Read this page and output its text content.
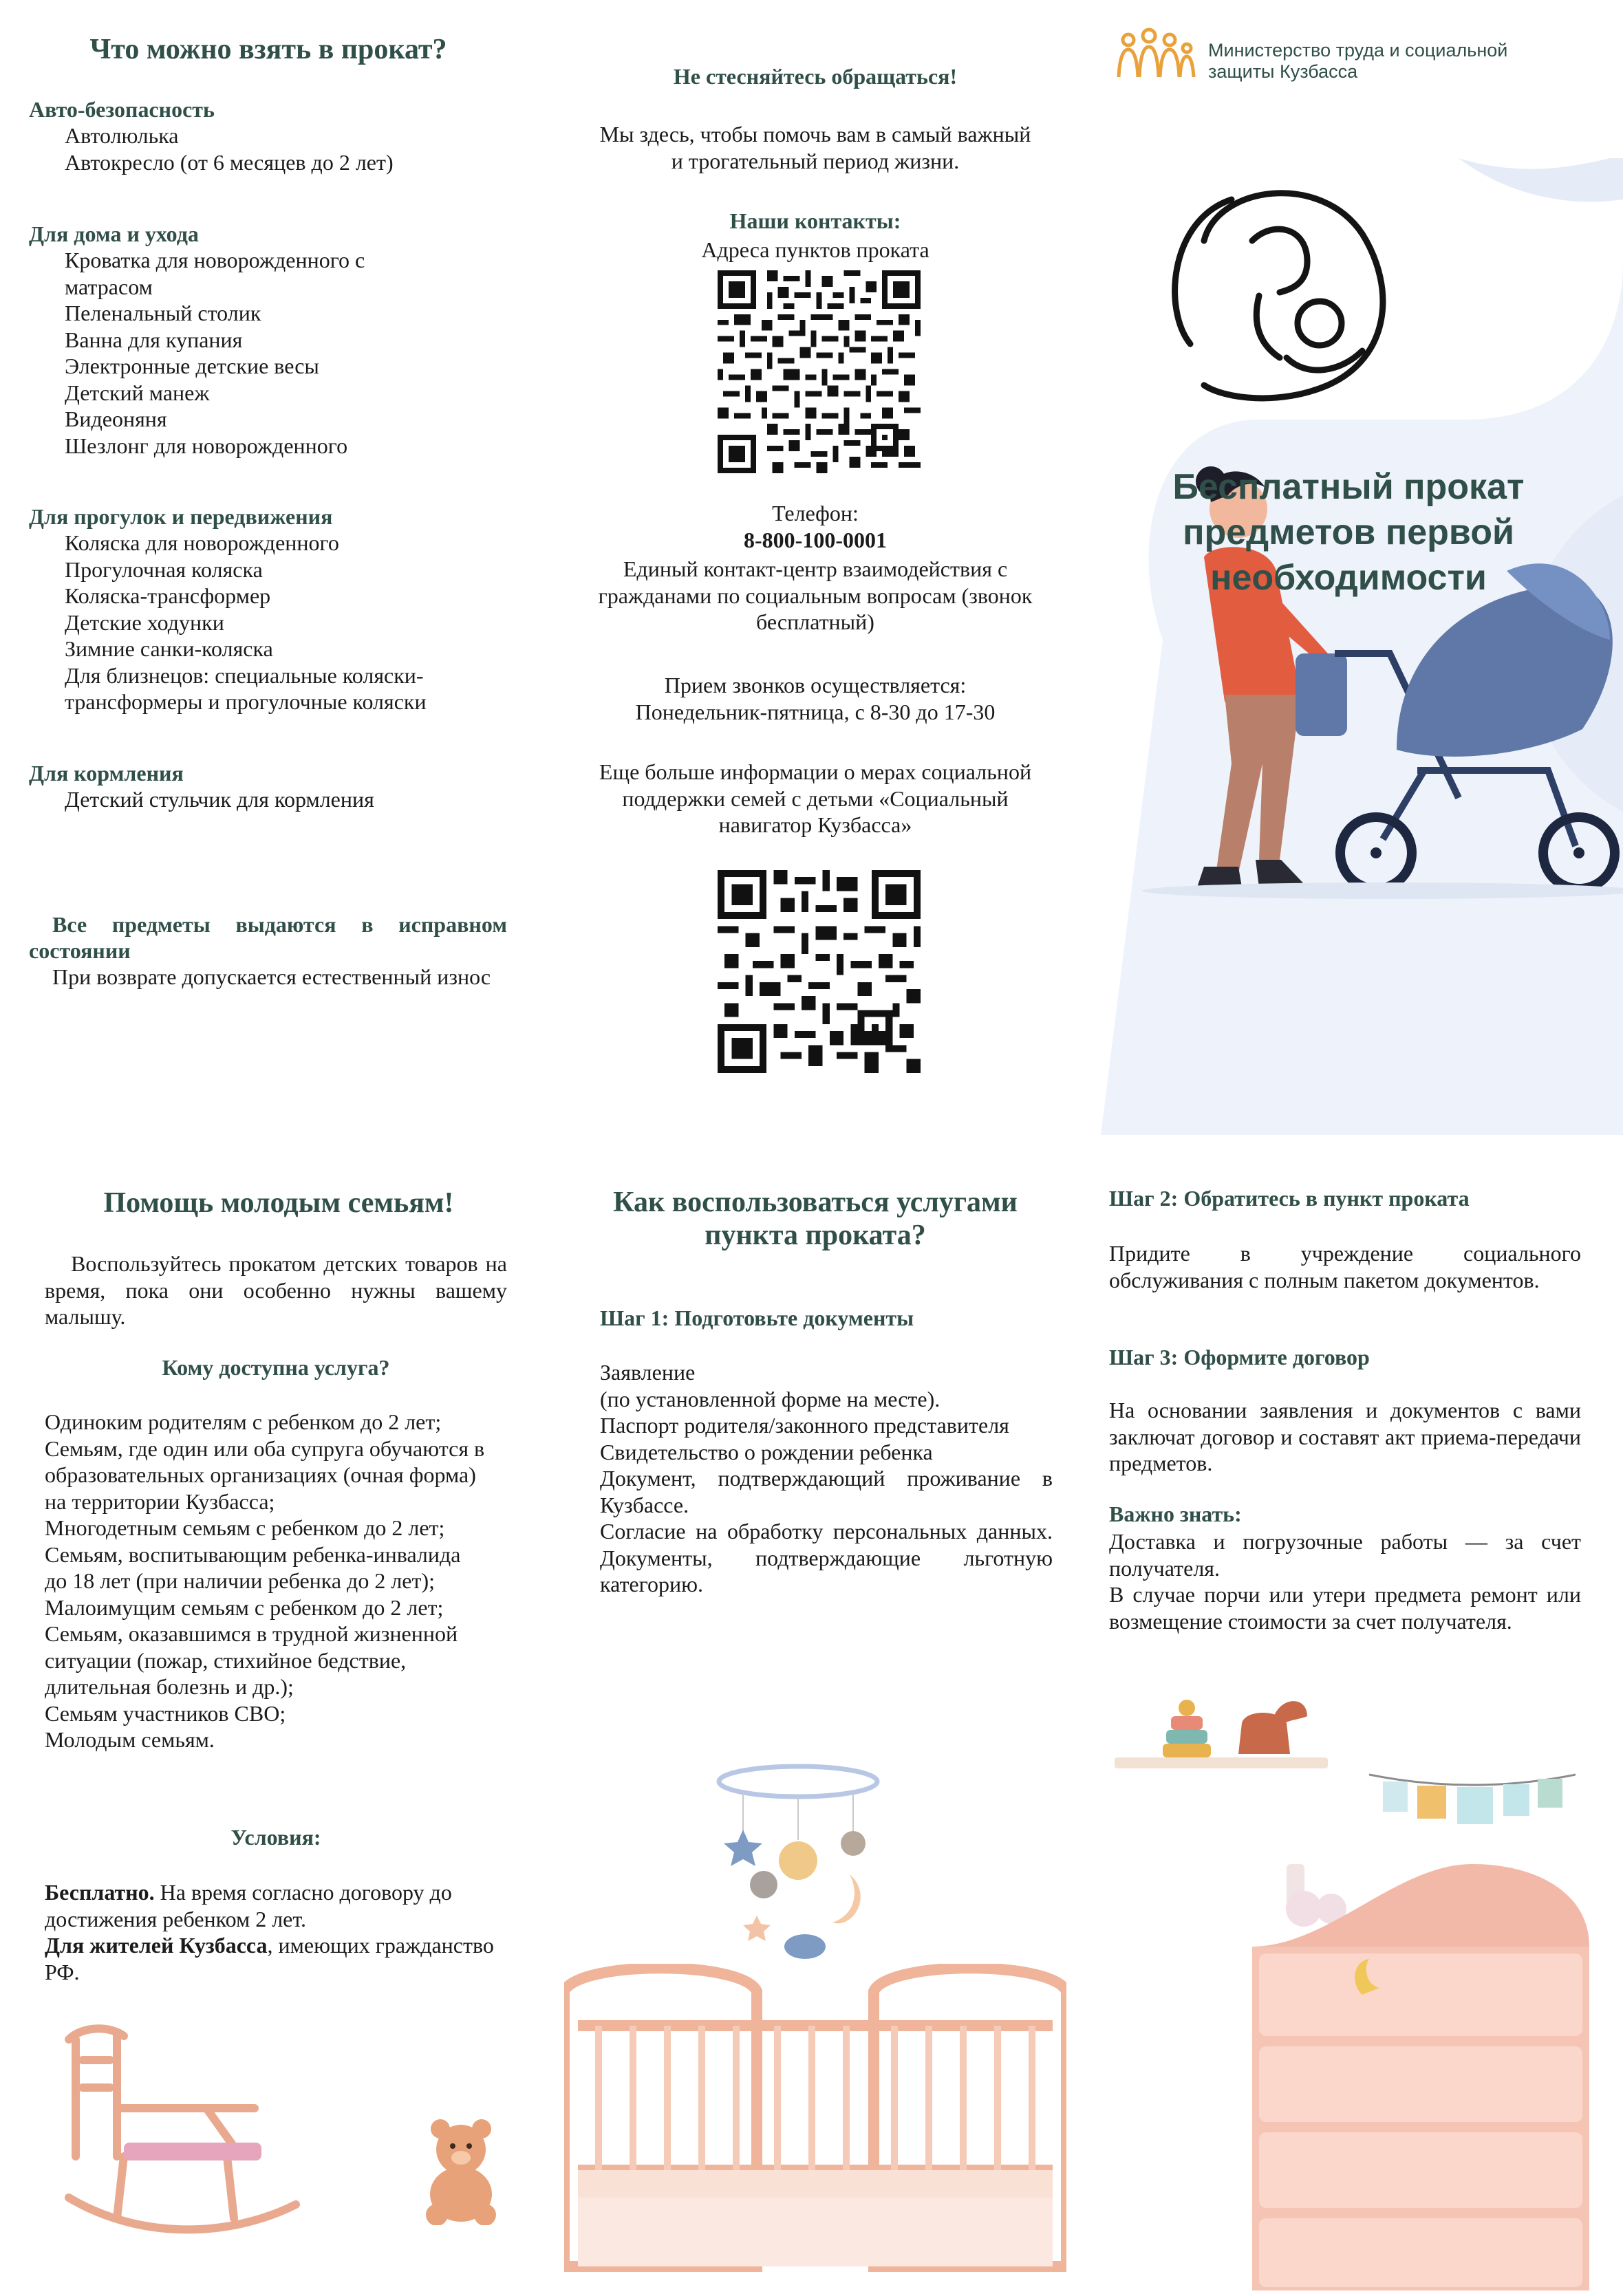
Что можно взять в прокат?
Авто-безопасность
Автолюлька
Автокресло (от 6 месяцев до 2 лет)
Для дома и ухода
Кроватка для новорожденного с
матрасом
Пеленальный столик
Ванна для купания
Электронные детские весы
Детский манеж
Видеоняня
Шезлонг для новорожденного
Для прогулок и передвижения
Коляска для новорожденного
Прогулочная коляска
Коляска-трансформер
Детские ходунки
Зимние санки-коляска
Для близнецов: специальные коляски-
трансформеры и прогулочные коляски
Для кормления
Детский стульчик для кормления
Все предметы выдаются в исправном состоянии
При возврате допускается естественный износ
Не стесняйтесь обращаться!
Мы здесь, чтобы помочь вам в самый важный и трогательный период жизни.
Наши контакты:
Адреса пунктов проката
Телефон:
8-800-100-0001
Единый контакт-центр взаимодействия с гражданами по социальным вопросам (звонок бесплатный)
Прием звонков осуществляется: Понедельник-пятница, с 8-30 до 17-30
Еще больше информации о мерах социальной поддержки семей с детьми «Социальный навигатор Кузбасса»
Министерство труда и социальной защиты Кузбасса
Бесплатный прокат предметов первой необходимости
Помощь молодым семьям!
Воспользуйтесь прокатом детских товаров на время, пока они особенно нужны вашему малышу.
Кому доступна услуга?
Одиноким родителям с ребенком до 2 лет;
Семьям, где один или оба супруга обучаются в образовательных организациях (очная форма) на территории Кузбасса;
Многодетным семьям с ребенком до 2 лет;
Семьям, воспитывающим ребенка-инвалида до 18 лет (при наличии ребенка до 2 лет);
Малоимущим семьям с ребенком до 2 лет;
Семьям, оказавшимся в трудной жизненной ситуации (пожар, стихийное бедствие, длительная болезнь и др.);
Семьям участников СВО;
Молодым семьям.
Условия:
Бесплатно. На время согласно договору до достижения ребенком 2 лет.
Для жителей Кузбасса, имеющих гражданство РФ.
Как воспользоваться услугами пункта проката?
Шаг 1: Подготовьте документы
Заявление
(по установленной форме на месте).
Паспорт родителя/законного представителя
Свидетельство о рождении ребенка
Документ, подтверждающий проживание в Кузбассе.
Согласие на обработку персональных данных. Документы, подтверждающие льготную категорию.
Шаг 2: Обратитесь в пункт проката
Придите в учреждение социального обслуживания с полным пакетом документов.
Шаг 3: Оформите договор
На основании заявления и документов с вами заключат договор и составят акт приема-передачи предметов.
Важно знать:
Доставка и погрузочные работы — за счет получателя.
В случае порчи или утери предмета ремонт или возмещение стоимости за счет получателя.
